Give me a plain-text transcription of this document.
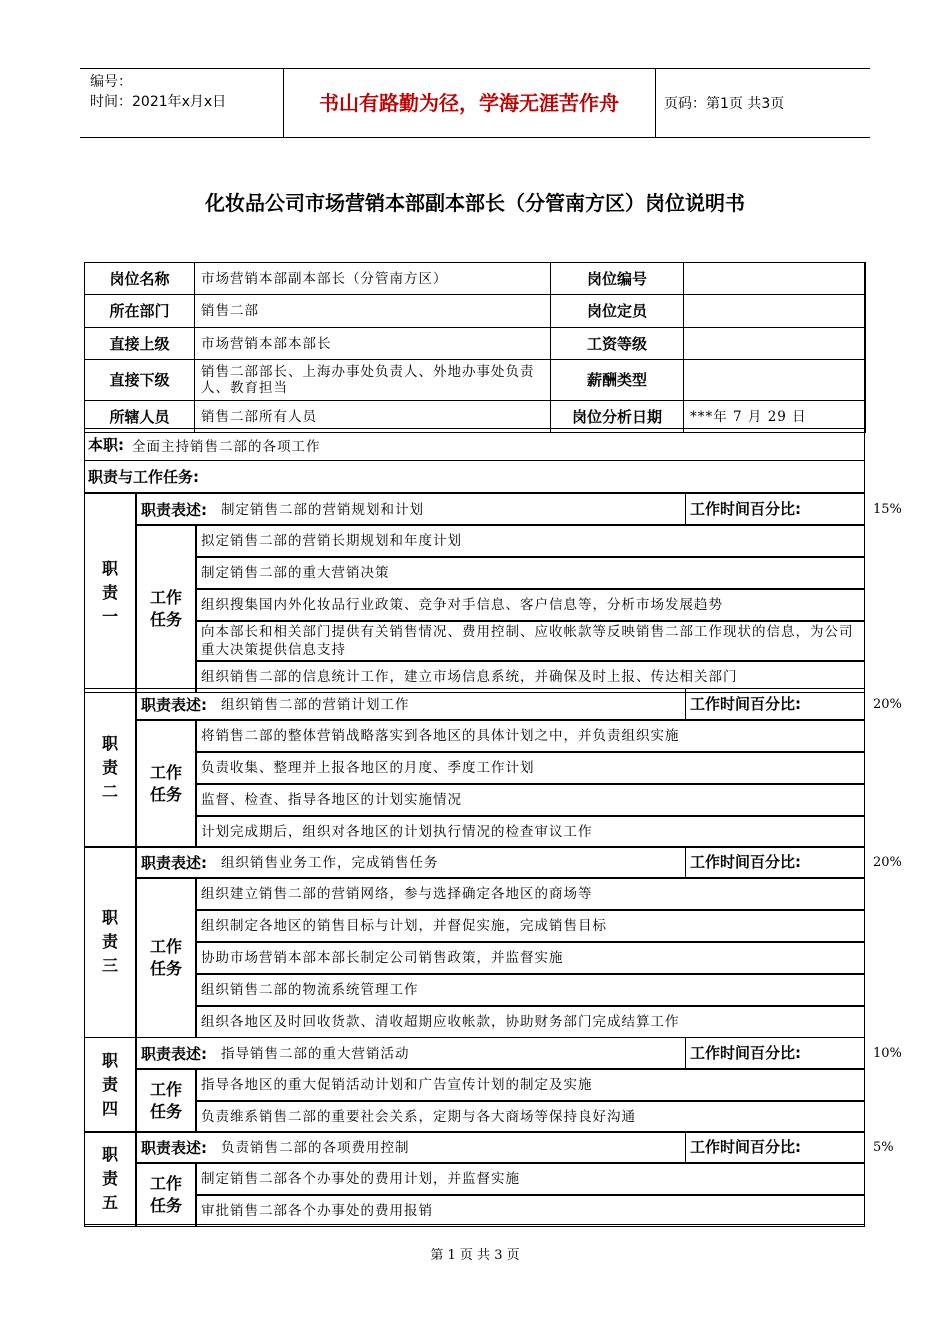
编号：
时间：2021年x月x日	书山有路勤为径，学海无涯苦作舟	页码：第1页 共3页
化妆品公司市场营销本部副本部长（分管南方区）岗位说明书
岗位名称	市场营销本部副本部长（分管南方区）	岗位编号	
所在部门	销售二部	岗位定员	
直接上级	市场营销本部本部长	工资等级	
直接下级	销售二部部长、上海办事处负责人、外地办事处负责人、教育担当	薪酬类型	
所辖人员	销售二部所有人员	岗位分析日期	***年 7 月 29 日
本职: 全面主持销售二部的各项工作
职责与工作任务:
职责一
职责表述: 制定销售二部的营销规划和计划	工作时间百分比:	15%
工作任务
拟定销售二部的营销长期规划和年度计划
制定销售二部的重大营销决策
组织搜集国内外化妆品行业政策、竞争对手信息、客户信息等，分析市场发展趋势
向本部长和相关部门提供有关销售情况、费用控制、应收帐款等反映销售二部工作现状的信息，为公司重大决策提供信息支持
组织销售二部的信息统计工作，建立市场信息系统，并确保及时上报、传达相关部门
职责二
职责表述: 组织销售二部的营销计划工作	工作时间百分比:	20%
工作任务
将销售二部的整体营销战略落实到各地区的具体计划之中，并负责组织实施
负责收集、整理并上报各地区的月度、季度工作计划
监督、检查、指导各地区的计划实施情况
计划完成期后，组织对各地区的计划执行情况的检查审议工作
职责三
职责表述: 组织销售业务工作，完成销售任务	工作时间百分比:	20%
工作任务
组织建立销售二部的营销网络，参与选择确定各地区的商场等
组织制定各地区的销售目标与计划，并督促实施，完成销售目标
协助市场营销本部本部长制定公司销售政策，并监督实施
组织销售二部的物流系统管理工作
组织各地区及时回收货款、清收超期应收帐款，协助财务部门完成结算工作
职责四
职责表述: 指导销售二部的重大营销活动	工作时间百分比:	10%
工作任务
指导各地区的重大促销活动计划和广告宣传计划的制定及实施
负责维系销售二部的重要社会关系，定期与各大商场等保持良好沟通
职责五
职责表述: 负责销售二部的各项费用控制	工作时间百分比:	5%
工作任务
制定销售二部各个办事处的费用计划，并监督实施
审批销售二部各个办事处的费用报销
第 1 页 共 3 页
